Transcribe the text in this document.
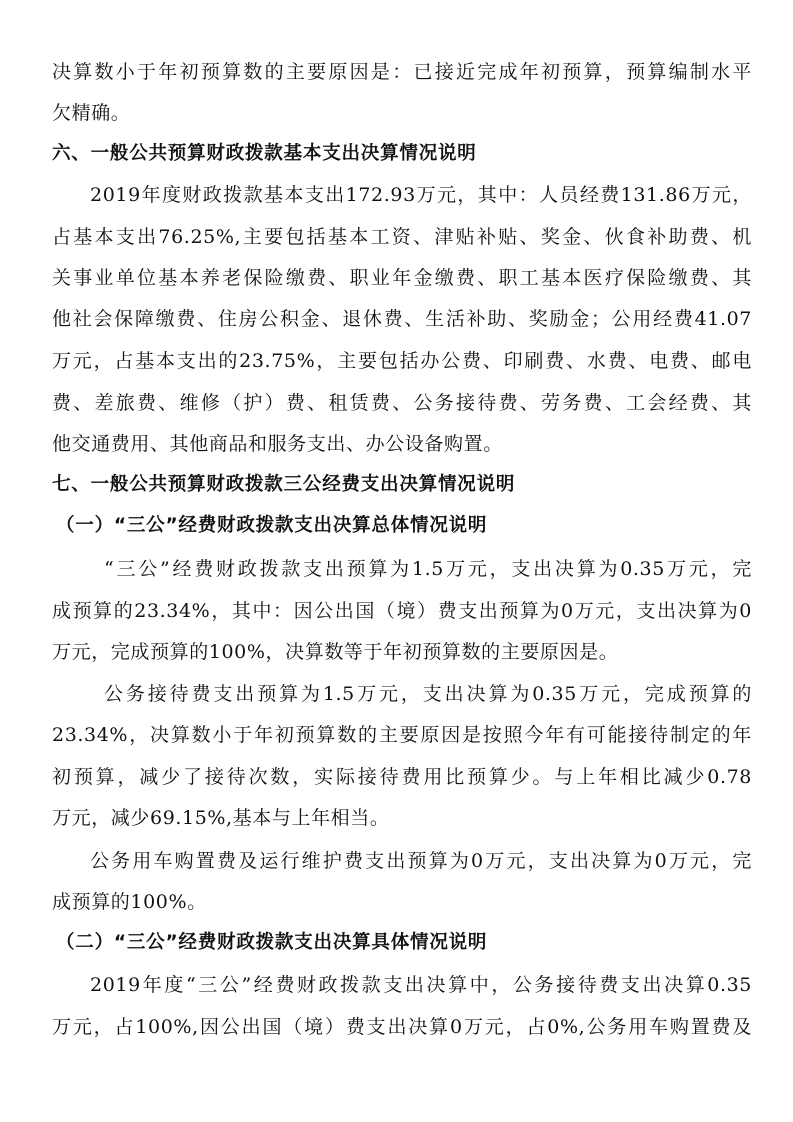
决算数小于年初预算数的主要原因是：已接近完成年初预算，预算编制水平
欠精确。
六、一般公共预算财政拨款基本支出决算情况说明
2019年度财政拨款基本支出172.93万元，其中：人员经费131.86万元，
占基本支出76.25%,主要包括基本工资、津贴补贴、奖金、伙食补助费、机
关事业单位基本养老保险缴费、职业年金缴费、职工基本医疗保险缴费、其
他社会保障缴费、住房公积金、退休费、生活补助、奖励金；公用经费41.07
万元，占基本支出的23.75%，主要包括办公费、印刷费、水费、电费、邮电
费、差旅费、维修（护）费、租赁费、公务接待费、劳务费、工会经费、其
他交通费用、其他商品和服务支出、办公设备购置。
七、一般公共预算财政拨款三公经费支出决算情况说明
（一）“三公”经费财政拨款支出决算总体情况说明
“三公”经费财政拨款支出预算为1.5万元，支出决算为0.35万元，完
成预算的23.34%，其中：因公出国（境）费支出预算为0万元，支出决算为0
万元，完成预算的100%，决算数等于年初预算数的主要原因是。
公务接待费支出预算为1.5万元，支出决算为0.35万元，完成预算的
23.34%，决算数小于年初预算数的主要原因是按照今年有可能接待制定的年
初预算，减少了接待次数，实际接待费用比预算少。与上年相比减少0.78
万元，减少69.15%,基本与上年相当。
公务用车购置费及运行维护费支出预算为0万元，支出决算为0万元，完
成预算的100%。
（二）“三公”经费财政拨款支出决算具体情况说明
2019年度“三公”经费财政拨款支出决算中，公务接待费支出决算0.35
万元，占100%,因公出国（境）费支出决算0万元，占0%,公务用车购置费及
